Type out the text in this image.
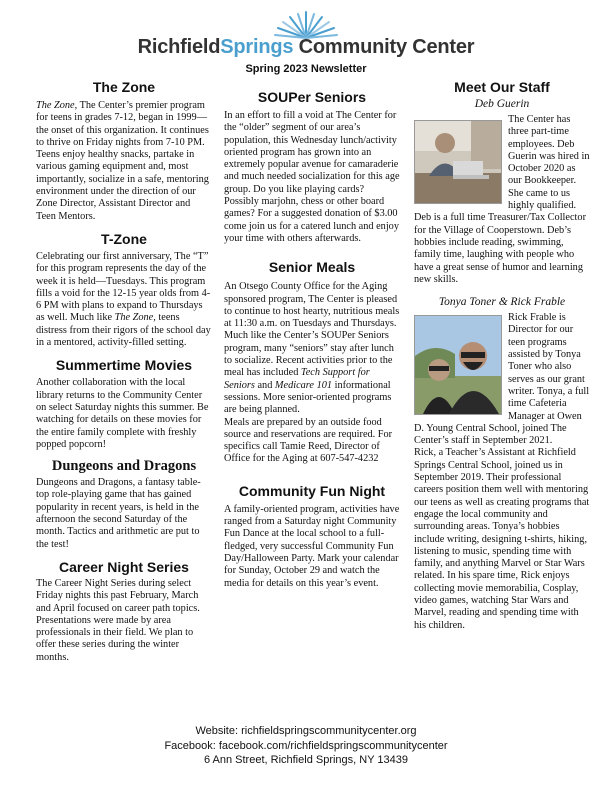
RichfieldSprings Community Center
Spring 2023 Newsletter
The Zone

The Zone, The Center’s premier program for teens in grades 7-12, began in 1999—the onset of this organization. It continues to thrive on Friday nights from 7-10 PM. Teens enjoy healthy snacks, partake in various gaming equipment and, most importantly, socialize in a safe, mentoring environment under the direction of our Zone Director, Assistant Director and Teen Mentors.

T-Zone

Celebrating our first anniversary, The “T” for this program represents the day of the week it is held—Tuesdays. This program fills a void for the 12-15 year olds from 4-6 PM with plans to expand to Thursdays as well. Much like The Zone, teens distress from their rigors of the school day in a mentored, activity-filled setting.

Summertime Movies

Another collaboration with the local library returns to the Community Center on select Saturday nights this summer. Be watching for details on these movies for the entire family complete with freshly popped popcorn!

Dungeons and Dragons

Dungeons and Dragons, a fantasy table-top role-playing game that has gained popularity in recent years, is held in the afternoon the second Saturday of the month. Tactics and arithmetic are put to the test!

Career Night Series

The Career Night Series during select Friday nights this past February, March and April focused on career path topics. Presentations were made by area professionals in their field. We plan to offer these series during the winter months.

SOUPer Seniors

In an effort to fill a void at The Center for the “older” segment of our area’s population, this Wednesday lunch/activity oriented program has grown into an extremely popular avenue for camaraderie and much needed socialization for this age group. Do you like playing cards? Possibly marjohn, chess or other board games? For a suggested donation of $3.00 come join us for a catered lunch and enjoy your time with others afterwards.

Senior Meals

An Otsego County Office for the Aging sponsored program, The Center is pleased to continue to host hearty, nutritious meals at 11:30 a.m. on Tuesdays and Thursdays. Much like the Center’s SOUPer Seniors program, many “seniors” stay after lunch to socialize. Recent activities prior to the meal has included Tech Support for Seniors and Medicare 101 informational sessions. More senior-oriented programs are being planned.

Meals are prepared by an outside food source and reservations are required. For specifics call Tamie Reed, Director of Office for the Aging at 607-547-4232

Community Fun Night

A family-oriented program, activities have ranged from a Saturday night Community Fun Dance at the local school to a full-fledged, very successful Community Fun Day/Halloween Party. Mark your calendar for Sunday, October 29 and watch the media for details on this year’s event.

Meet Our Staff
Deb Guerin

The Center has three part-time employees. Deb Guerin was hired in October 2020 as our Bookkeeper. She came to us highly qualified. Deb is a full time Treasurer/Tax Collector for the Village of Cooperstown. Deb’s hobbies include reading, swimming, family time, laughing with people who have a great sense of humor and learning new skills.

Tonya Toner & Rick Frable

Rick Frable is Director for our teen programs assisted by Tonya Toner who also serves as our grant writer. Tonya, a full time Cafeteria Manager at Owen D. Young Central School, joined The Center’s staff in September 2021.

Rick, a Teacher’s Assistant at Richfield Springs Central School, joined us in September 2019. Their professional careers position them well with mentoring our teens as well as creating programs that engage the local community and surrounding areas. Tonya’s hobbies include writing, designing t-shirts, hiking, listening to music, spending time with family, and anything Marvel or Star Wars related. In his spare time, Rick enjoys collecting movie memorabilia, Cosplay, video games, watching Star Wars and Marvel, reading and spending time with his children.

Website: richfieldspringscommunitycenter.org
Facebook: facebook.com/richfieldspringscommunitycenter
6 Ann Street, Richfield Springs, NY 13439
